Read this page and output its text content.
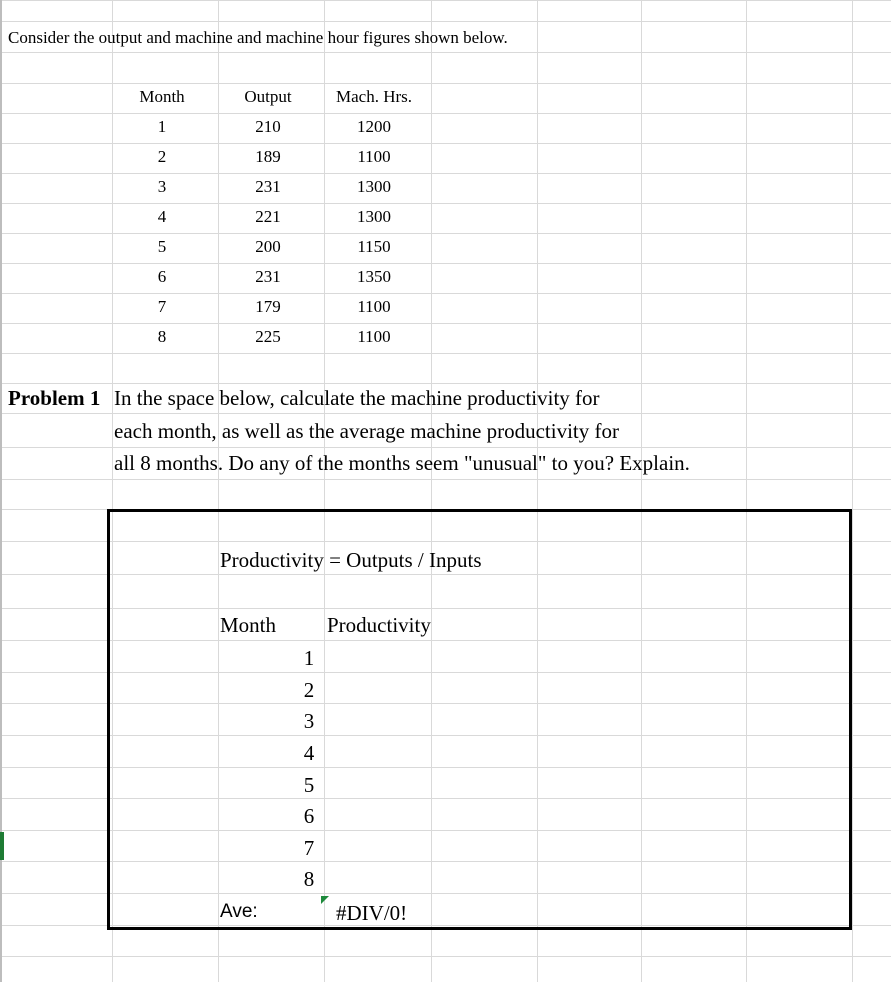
Consider the output and machine and machine hour figures shown below.
Month	Output	Mach. Hrs.
1	210	1200
2	189	1100
3	231	1300
4	221	1300
5	200	1150
6	231	1350
7	179	1100
8	225	1100
Problem 1 In the space below, calculate the machine productivity for
each month, as well as the average machine productivity for
all 8 months. Do any of the months seem "unusual" to you? Explain.
Productivity = Outputs / Inputs
Month Productivity
1
2
3
4
5
6
7
8
Ave:	#DIV/0!
